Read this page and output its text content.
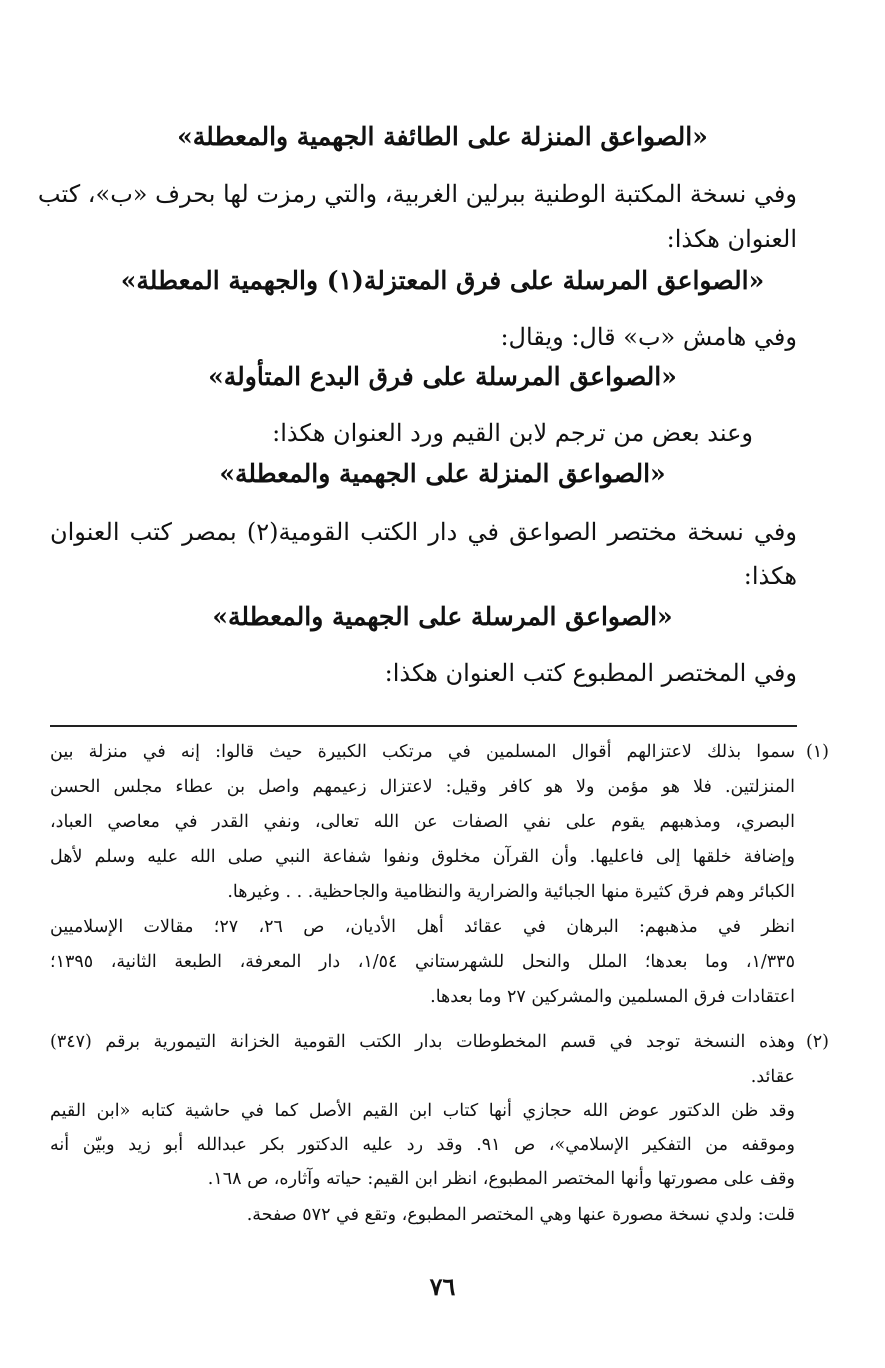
«الصواعق المنزلة على الطائفة الجهمية والمعطلة»
وفي نسخة المكتبة الوطنية ببرلين الغربية، والتي رمزت لها بحرف «ب»، كتب
العنوان هكذا:
«الصواعق المرسلة على فرق المعتزلة(١) والجهمية المعطلة»
وفي هامش «ب» قال: ويقال:
«الصواعق المرسلة على فرق البدع المتأولة»
وعند بعض من ترجم لابن القيم ورد العنوان هكذا:
«الصواعق المنزلة على الجهمية والمعطلة»
وفي نسخة مختصر الصواعق في دار الكتب القومية(٢) بمصر كتب العنوان
هكذا:
«الصواعق المرسلة على الجهمية والمعطلة»
وفي المختصر المطبوع كتب العنوان هكذا:
(١)
سموا بذلك لاعتزالهم أقوال المسلمين في مرتكب الكبيرة حيث قالوا: إنه في منزلة بين
المنزلتين. فلا هو مؤمن ولا هو كافر وقيل: لاعتزال زعيمهم واصل بن عطاء مجلس الحسن
البصري، ومذهبهم يقوم على نفي الصفات عن الله تعالى، ونفي القدر في معاصي العباد،
وإضافة خلقها إلى فاعليها. وأن القرآن مخلوق ونفوا شفاعة النبي صلى الله عليه وسلم لأهل
الكبائر وهم فرق كثيرة منها الجبائية والضرارية والنظامية والجاحظية. . . وغيرها.
انظر في مذهبهم: البرهان في عقائد أهل الأديان، ص ٢٦، ٢٧؛ مقالات الإسلاميين
١/٣٣٥، وما بعدها؛ الملل والنحل للشهرستاني ١/٥٤، دار المعرفة، الطبعة الثانية، ١٣٩٥؛
اعتقادات فرق المسلمين والمشركين ٢٧ وما بعدها.
(٢)
وهذه النسخة توجد في قسم المخطوطات بدار الكتب القومية الخزانة التيمورية برقم (٣٤٧)
عقائد.
وقد ظن الدكتور عوض الله حجازي أنها كتاب ابن القيم الأصل كما في حاشية كتابه «ابن القيم
وموقفه من التفكير الإسلامي»، ص ٩١. وقد رد عليه الدكتور بكر عبدالله أبو زيد وبيّن أنه
وقف على مصورتها وأنها المختصر المطبوع، انظر ابن القيم: حياته وآثاره، ص ١٦٨.
قلت: ولدي نسخة مصورة عنها وهي المختصر المطبوع، وتقع في ٥٧٢ صفحة.
٧٦
